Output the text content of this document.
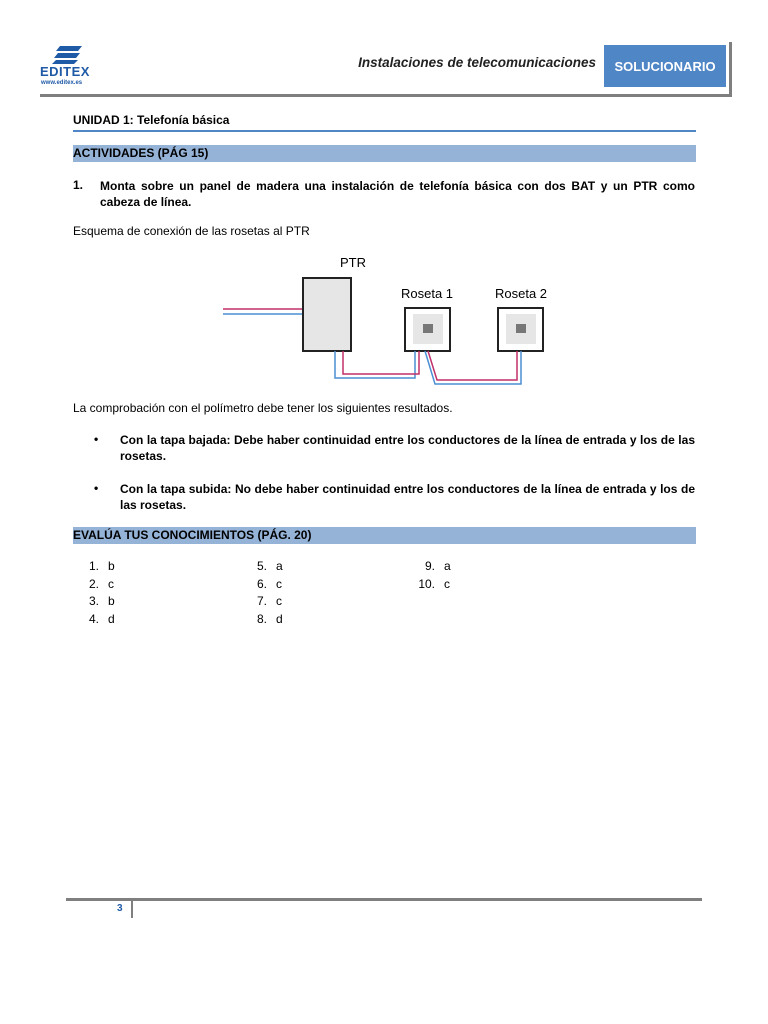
EDITEX
www.editex.es
Instalaciones de telecomunicaciones	SOLUCIONARIO
UNIDAD 1: Telefonía básica
ACTIVIDADES (PÁG 15)
1. Monta sobre un panel de madera una instalación de telefonía básica con dos BAT y un PTR como cabeza de línea.
Esquema de conexión de las rosetas al PTR
PTR
Roseta 1	Roseta 2
La comprobación con el polímetro debe tener los siguientes resultados.
• Con la tapa bajada: Debe haber continuidad entre los conductores de la línea de entrada y los de las rosetas.
• Con la tapa subida: No debe haber continuidad entre los conductores de la línea de entrada y los de las rosetas.
EVALÚA TUS CONOCIMIENTOS (PÁG. 20)
1. b
2. c
3. b
4. d
5. a
6. c
7. c
8. d
9. a
10. c
3
